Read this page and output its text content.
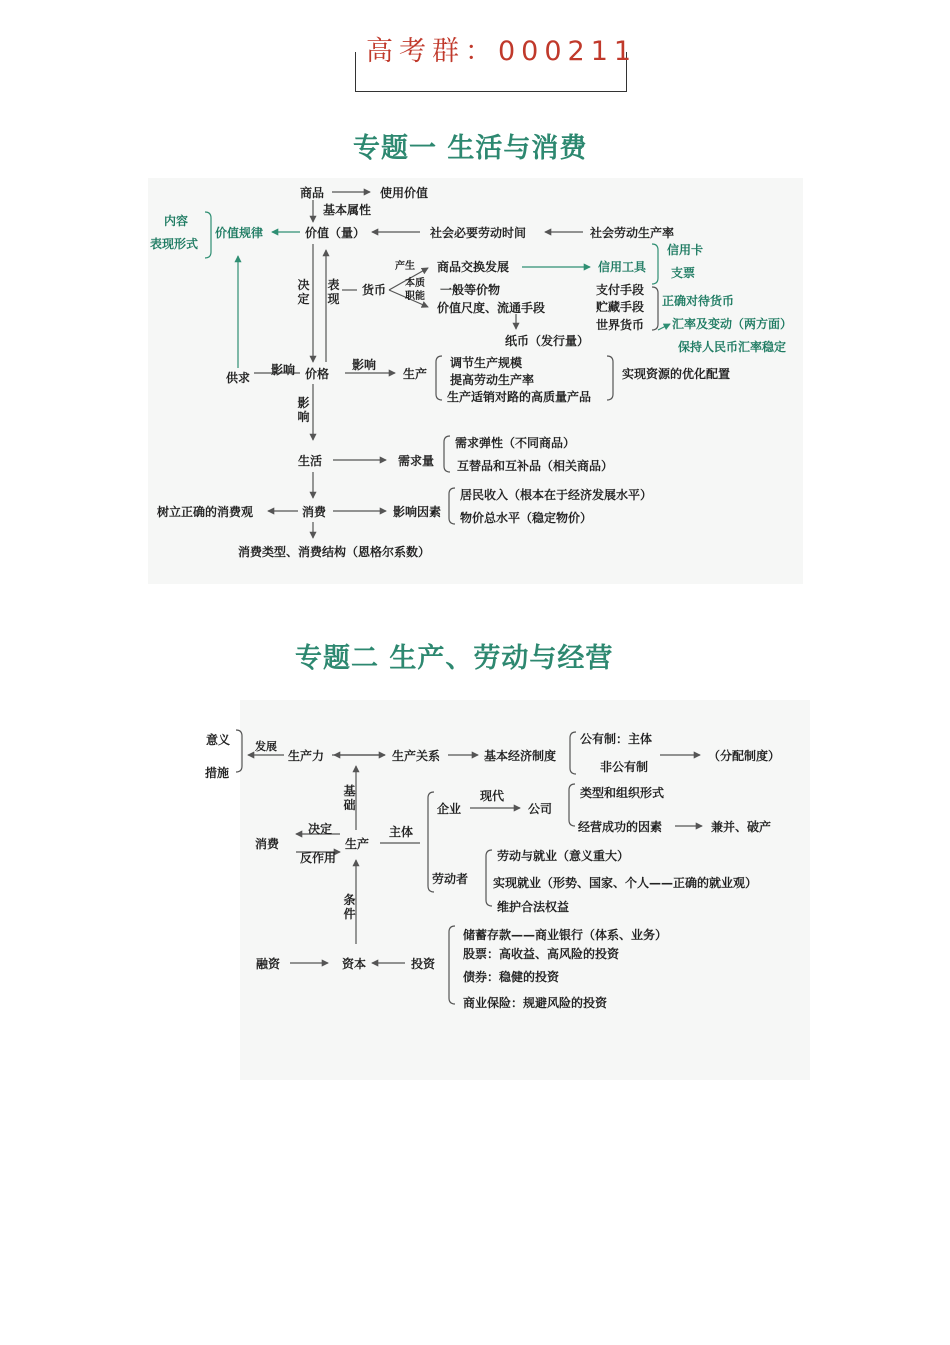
高考群：000211
专题一 生活与消费
专题二 生产、劳动与经营
商品	使用价值
基本属性
内容
表现形式
价值规律	价值（量）	社会必要劳动时间	社会劳动生产率
决定
表现
产生
货币 本质
职能
商品交换发展	信用工具
信用卡
支票
一般等价物
价值尺度、流通手段
支付手段
贮藏手段
世界货币
正确对待货币
汇率及变动（两方面）
保持人民币汇率稳定
纸币（发行量）
供求
影响 价格
影响
生产
调节生产规模
提高劳动生产率
生产适销对路的高质量产品
实现资源的优化配置
影响
生活	需求量
需求弹性（不同商品）
互替品和互补品（相关商品）
树立正确的消费观	消费	影响因素
居民收入（根本在于经济发展水平）
物价总水平（稳定物价）
消费类型、消费结构（恩格尔系数）
意义
措施
发展
生产力	生产关系	基本经济制度
公有制：主体
非公有制
（分配制度）
基础
消费
决定
反作用
生产
主体
企业
现代
公司
类型和组织形式
经营成功的因素	兼并、破产
劳动者
劳动与就业（意义重大）
实现就业（形势、国家、个人——正确的就业观）
维护合法权益
条件
融资	资本	投资
储蓄存款——商业银行（体系、业务）
股票：高收益、高风险的投资
债券：稳健的投资
商业保险：规避风险的投资
